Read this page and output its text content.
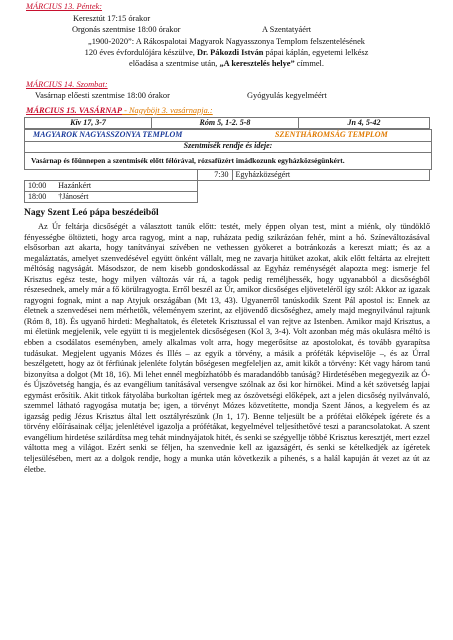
MÁRCIUS 13. Péntek:
Keresztút 17:15 órakor
Orgonás szentmise 18:00 órakor	A Szentatyáért
„1900-2020”: A Rákospalotai Magyarok Nagyasszonya Templom felszentelésének
120 éves évfordulójára készülve, Dr. Pákozdi István pápai káplán, egyetemi lelkész
előadása a szentmise után, „A keresztelés helye” címmel.
MÁRCIUS 14. Szombat:
Vasárnap előesti szentmise 18:00 órakor	Gyógyulás kegyelméért
MÁRCIUS 15. VASÁRNAP - Nagyböjt 3. vasárnapja.:
Kiv 17, 3-7	Róm 5, 1-2. 5-8	Jn 4, 5-42
MAGYAROK NAGYASSZONYA TEMPLOM	SZENTHÁROMSÁG TEMPLOM
Szentmisék rendje és ideje:
Vasárnap és főünnepen a szentmisék előtt félórával, rózsafüzért imádkozunk egyházközségünkért.
	7:30	Egyházközségért
10:00 Hazánkért		
18:00 †Jánosért		
Nagy Szent Leó pápa beszédeiből

Az Úr feltárja dicsőségét a választott tanúk előtt: testét, mely éppen olyan test, mint a miénk, oly tündöklő fényességbe öltözteti, hogy arca ragyog, mint a nap, ruházata pedig szikrázóan fehér, mint a hó. Színeváltozásával elsősorban azt akarta, hogy tanítványai szívében ne vethessen gyökeret a botránkozás a kereszt miatt; és az a megaláztatás, amelyet szenvedésével együtt önként vállalt, meg ne zavarja hitüket azokat, akik előtt feltárta az elrejtett méltóság nagyságát. Másodszor, de nem kisebb gondoskodással az Egyház reménységét alapozta meg: ismerje fel Krisztus egész teste, hogy milyen változás vár rá, a tagok pedig reméljhessék, hogy ugyanabból a dicsőségből részesednek, amely már a fő körülragyogta. Erről beszél az Úr, amikor dicsőséges eljöveteléről így szól: Akkor az igazak ragyogni fognak, mint a nap Atyjuk országában (Mt 13, 43). Ugyanerről tanúskodik Szent Pál apostol is: Ennek az életnek a szenvedései nem mérhetők, véleményem szerint, az eljövendő dicsőséghez, amely majd megnyilvánul rajtunk (Róm 8, 18). És ugyanő hirdeti: Meghaltatok, és életetek Krisztussal el van rejtve az Istenben. Amikor majd Krisztus, a mi életünk megjelenik, vele együtt ti is megjelentek dicsőségesen (Kol 3, 3-4). Volt azonban még más okulásra méltó is ebben a csodálatos eseményben, amely alkalmas volt arra, hogy megerősítse az apostolokat, és tovább gyarapítsa tudásukat. Megjelent ugyanis Mózes és Illés – az egyik a törvény, a másik a próféták képviselője –, és az Úrral beszélgetett, hogy az öt férfiúnak jelenléte folytán bőségesen megfeleljen az, amit kikőt a törvény: Két vagy három tanú bizonyítsa a dolgot (Mt 18, 16). Mi lehet ennél megbízhatóbb és maradandóbb tanúság? Hirdetésében megegyezik az Ó- és Újszövetség hangja, és az evangélium tanításával versengve szólnak az ősi kor hírnökei. Mind a két szövetség lapjai egymást erősítik. Akit titkok fátyolába burkoltan ígértek meg az ószövetségi előképek, azt a jelen dicsőség nyilvánvaló, szemmel látható ragyogása mutatja be; igen, a törvényt Mózes közvetítette, mondja Szent János, a kegyelem és az igazság pedig Jézus Krisztus által lett osztályrészünk (Jn 1, 17). Benne teljesült be a prófétai előképek ígérete és a törvény előírásainak célja; jelenlétével igazolja a prófétákat, kegyelmével teljesíthetővé teszi a parancsolatokat. A szent evangélium hirdetése szilárdítsa meg tehát mindnyájatok hitét, és senki se szégyellje többé Krisztus keresztjét, mert ezzel váltotta meg a világot. Ezért senki se féljen, ha szenvednie kell az igazságért, és senki se kételkedjék az ígéretek teljesülésében, mert az a dolgok rendje, hogy a munka után következik a pihenés, s a halál kapuján át vezet az út az életbe.
